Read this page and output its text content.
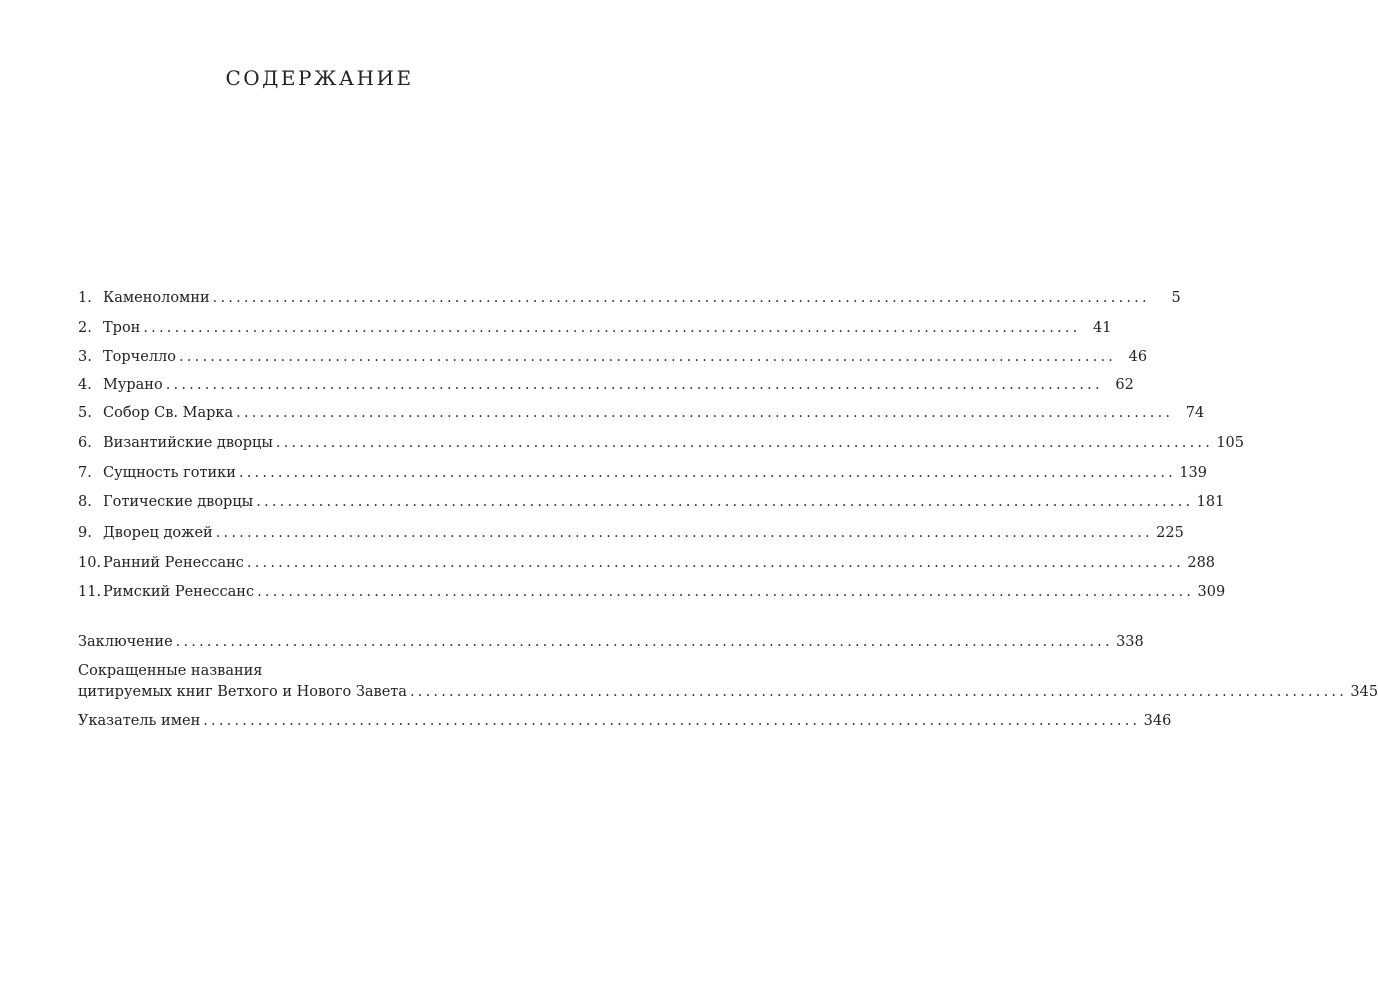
СОДЕРЖАНИЕ
1. Каменоломни ........................................................................................................................	5
2. Трон ........................................................................................................................ 41
3. Торчелло ........................................................................................................................ 46
4. Мурано ........................................................................................................................ 62
5. Собор Св. Марка ........................................................................................................................ 74
6. Византийские дворцы ........................................................................................................................ 105
7. Сущность готики ........................................................................................................................ 139
8. Готические дворцы ........................................................................................................................ 181
9. Дворец дожей ........................................................................................................................ 225
10. Ранний Ренессанс ........................................................................................................................ 288
11. Римский Ренессанс ........................................................................................................................ 309
Заключение ........................................................................................................................ 338
Сокращенные названия
цитируемых книг Ветхого и Нового Завета ........................................................................................................................ 345
Указатель имен ........................................................................................................................ 346
